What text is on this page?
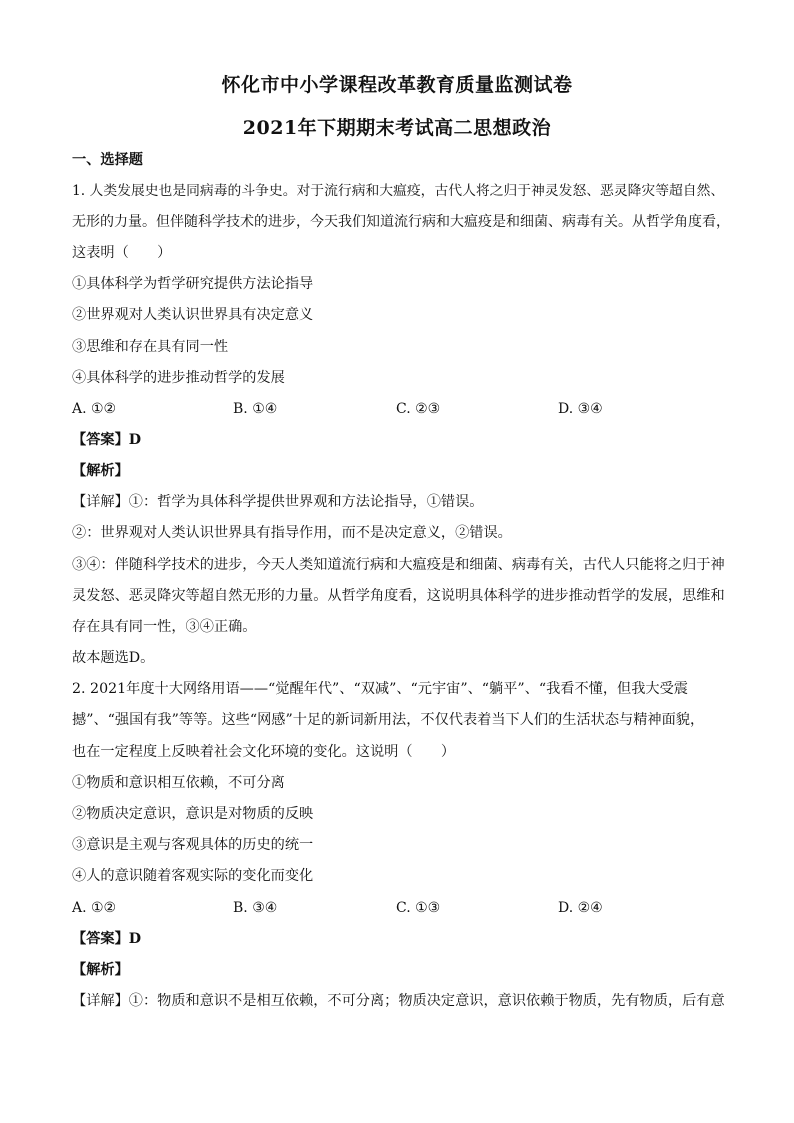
怀化市中小学课程改革教育质量监测试卷
2021年下期期末考试高二思想政治
一、选择题
1. 人类发展史也是同病毒的斗争史。对于流行病和大瘟疫，古代人将之归于神灵发怒、恶灵降灾等超自然、
无形的力量。但伴随科学技术的进步，今天我们知道流行病和大瘟疫是和细菌、病毒有关。从哲学角度看，
这表明（　　）
①具体科学为哲学研究提供方法论指导
②世界观对人类认识世界具有决定意义
③思维和存在具有同一性
④具体科学的进步推动哲学的发展
A. ①②	B. ①④	C. ②③	D. ③④
【答案】D
【解析】
【详解】①：哲学为具体科学提供世界观和方法论指导，①错误。
②：世界观对人类认识世界具有指导作用，而不是决定意义，②错误。
③④：伴随科学技术的进步，今天人类知道流行病和大瘟疫是和细菌、病毒有关，古代人只能将之归于神
灵发怒、恶灵降灾等超自然无形的力量。从哲学角度看，这说明具体科学的进步推动哲学的发展，思维和
存在具有同一性，③④正确。
故本题选D。
2. 2021年度十大网络用语——“觉醒年代”、“双减”、“元宇宙”、“躺平”、“我看不懂，但我大受震
撼”、“强国有我”等等。这些“网感”十足的新词新用法，不仅代表着当下人们的生活状态与精神面貌，
也在一定程度上反映着社会文化环境的变化。这说明（　　）
①物质和意识相互依赖，不可分离
②物质决定意识，意识是对物质的反映
③意识是主观与客观具体的历史的统一
④人的意识随着客观实际的变化而变化
A. ①②	B. ③④	C. ①③	D. ②④
【答案】D
【解析】
【详解】①：物质和意识不是相互依赖，不可分离；物质决定意识，意识依赖于物质，先有物质，后有意
